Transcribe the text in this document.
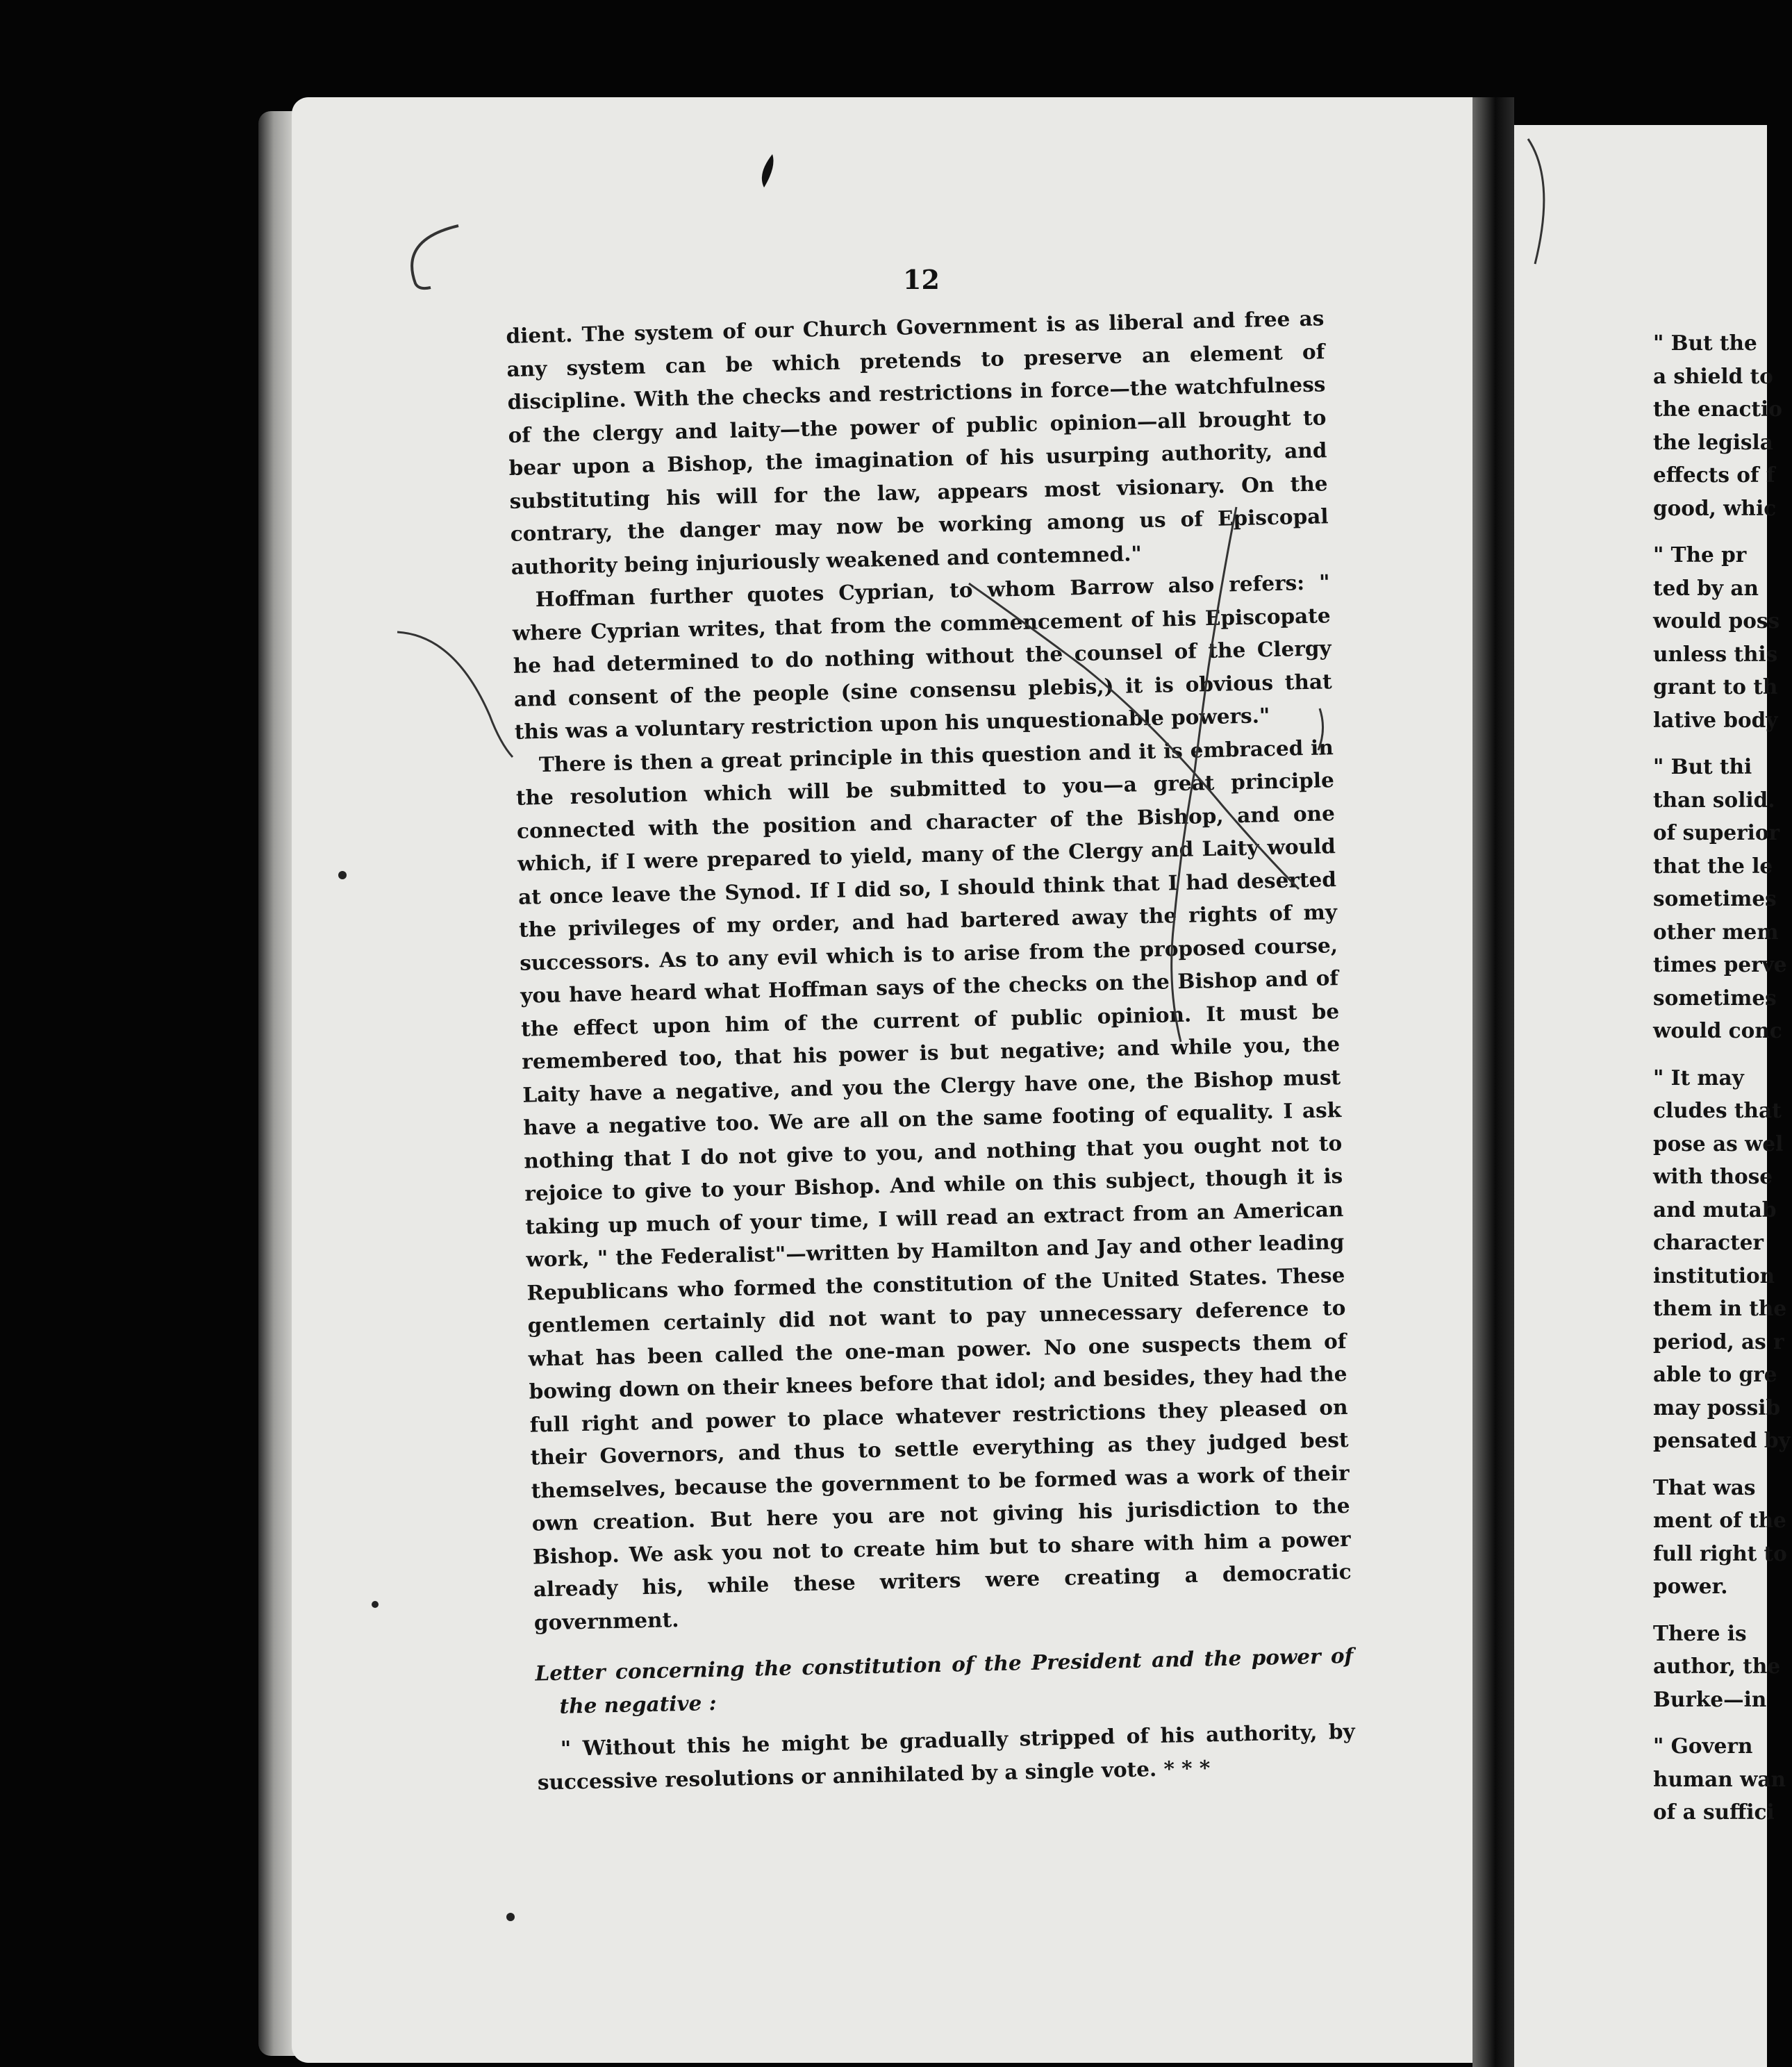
12

dient. The system of our Church Government is as liberal and free as any system can be which pretends to preserve an element of discipline. With the checks and restrictions in force—the watchfulness of the clergy and laity—the power of public opinion—all brought to bear upon a Bishop, the imagination of his usurping authority, and substituting his will for the law, appears most visionary. On the contrary, the danger may now be working among us of Episcopal authority being injuriously weakened and contemned."

Hoffman further quotes Cyprian, to whom Barrow also refers: " where Cyprian writes, that from the commencement of his Episcopate he had determined to do nothing without the counsel of the Clergy and consent of the people (sine consensu plebis,) it is obvious that this was a voluntary restriction upon his unquestionable powers."

There is then a great principle in this question and it is embraced in the resolution which will be submitted to you—a great principle connected with the position and character of the Bishop, and one which, if I were prepared to yield, many of the Clergy and Laity would at once leave the Synod. If I did so, I should think that I had deserted the privileges of my order, and had bartered away the rights of my successors. As to any evil which is to arise from the proposed course, you have heard what Hoffman says of the checks on the Bishop and of the effect upon him of the current of public opinion. It must be remembered too, that his power is but negative; and while you, the Laity have a negative, and you the Clergy have one, the Bishop must have a negative too. We are all on the same footing of equality. I ask nothing that I do not give to you, and nothing that you ought not to rejoice to give to your Bishop. And while on this subject, though it is taking up much of your time, I will read an extract from an American work, " the Federalist"—written by Hamilton and Jay and other leading Republicans who formed the constitution of the United States. These gentlemen certainly did not want to pay unnecessary deference to what has been called the one-man power. No one suspects them of bowing down on their knees before that idol; and besides, they had the full right and power to place whatever restrictions they pleased on their Governors, and thus to settle everything as they judged best themselves, because the government to be formed was a work of their own creation. But here you are not giving his jurisdiction to the Bishop. We ask you not to create him but to share with him a power already his, while these writers were creating a democratic government.

Letter concerning the constitution of the President and the power of the negative :

" Without this he might be gradually stripped of his authority, by successive resolutions or annihilated by a single vote. * * *

" But the
a shield to
the enactio
the legisla
effects of f
good, whic
" The pr
ted by an
would poss
unless this
grant to th
lative body
" But thi
than solid.
of superior
that the le
sometimes
other mem
times perve
sometimes
would conc
" It may
cludes that
pose as wel
with those
and mutab
character
institution
them in the
period, as r
able to gre
may possib
pensated by
That was
ment of the
full right to
power.
There is
author, the
Burke—in
" Govern
human wan
of a suffici
